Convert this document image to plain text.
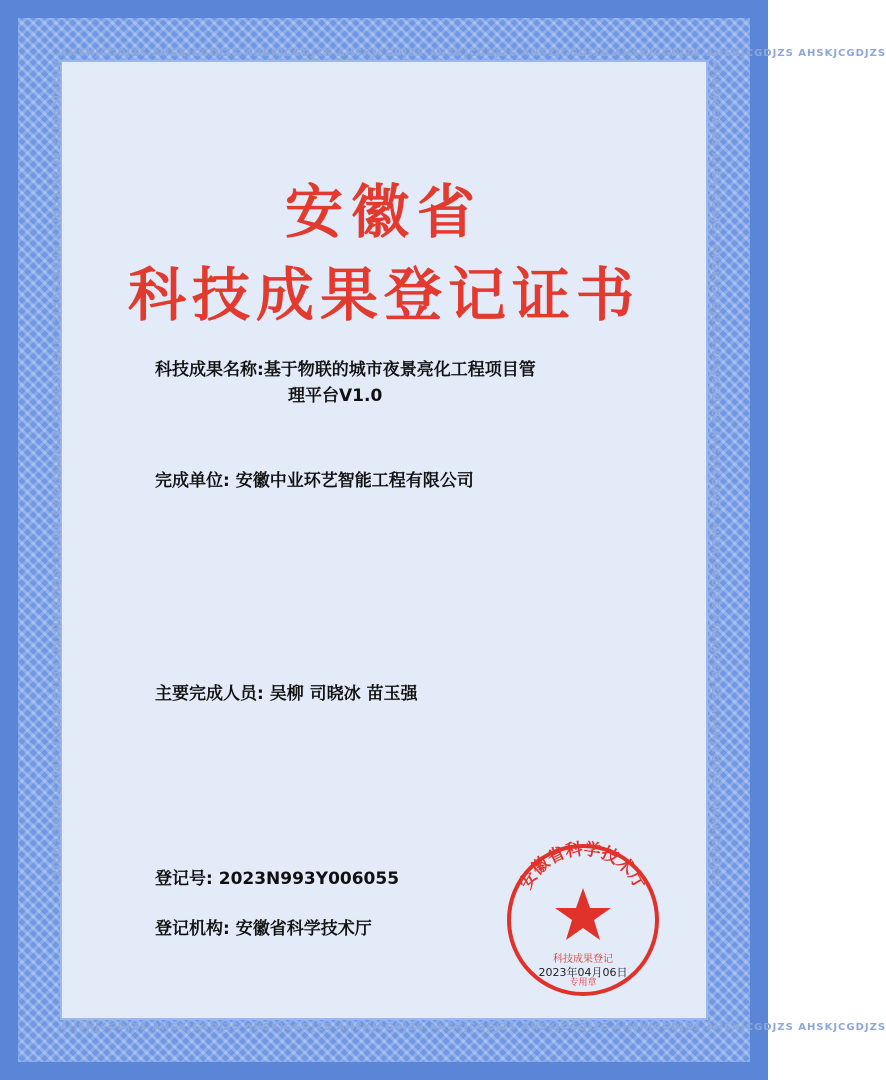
AHSKJCGDJZS AHSKJCGDJZS AHSKJCGDJZS AHSKJCGDJZS AHSKJCGDJZS AHSKJCGDJZS AHSKJCGDJZS AHSKJCGDJZS AHSKJCGDJZS
AHSKJCGDJZS AHSKJCGDJZS AHSKJCGDJZS AHSKJCGDJZS AHSKJCGDJZS AHSKJCGDJZS AHSKJCGDJZS AHSKJCGDJZS AHSKJCGDJZS
AHSKJCGDJZS AHSKJCGDJZS AHSKJCGDJZS AHSKJCGDJZS AHSKJCGDJZS AHSKJCGDJZS AHSKJCGDJZS AHSKJCGDJZS AHSKJCGDJZS	AHSKJCGDJZS AHSKJCGDJZS AHSKJCGDJZS AHSKJCGDJZS AHSKJCGDJZS AHSKJCGDJZS AHSKJCGDJZS AHSKJCGDJZS AHSKJCGDJZS
安徽省
科技成果登记证书
科技成果名称:基于物联的城市夜景亮化工程项目管
理平台V1.0
完成单位: 安徽中业环艺智能工程有限公司
主要完成人员: 吴柳 司晓冰 苗玉强
登记号: 2023N993Y006055
登记机构: 安徽省科学技术厅
安徽省科学技术厅
科技成果登记
专用章
2023年04月06日
